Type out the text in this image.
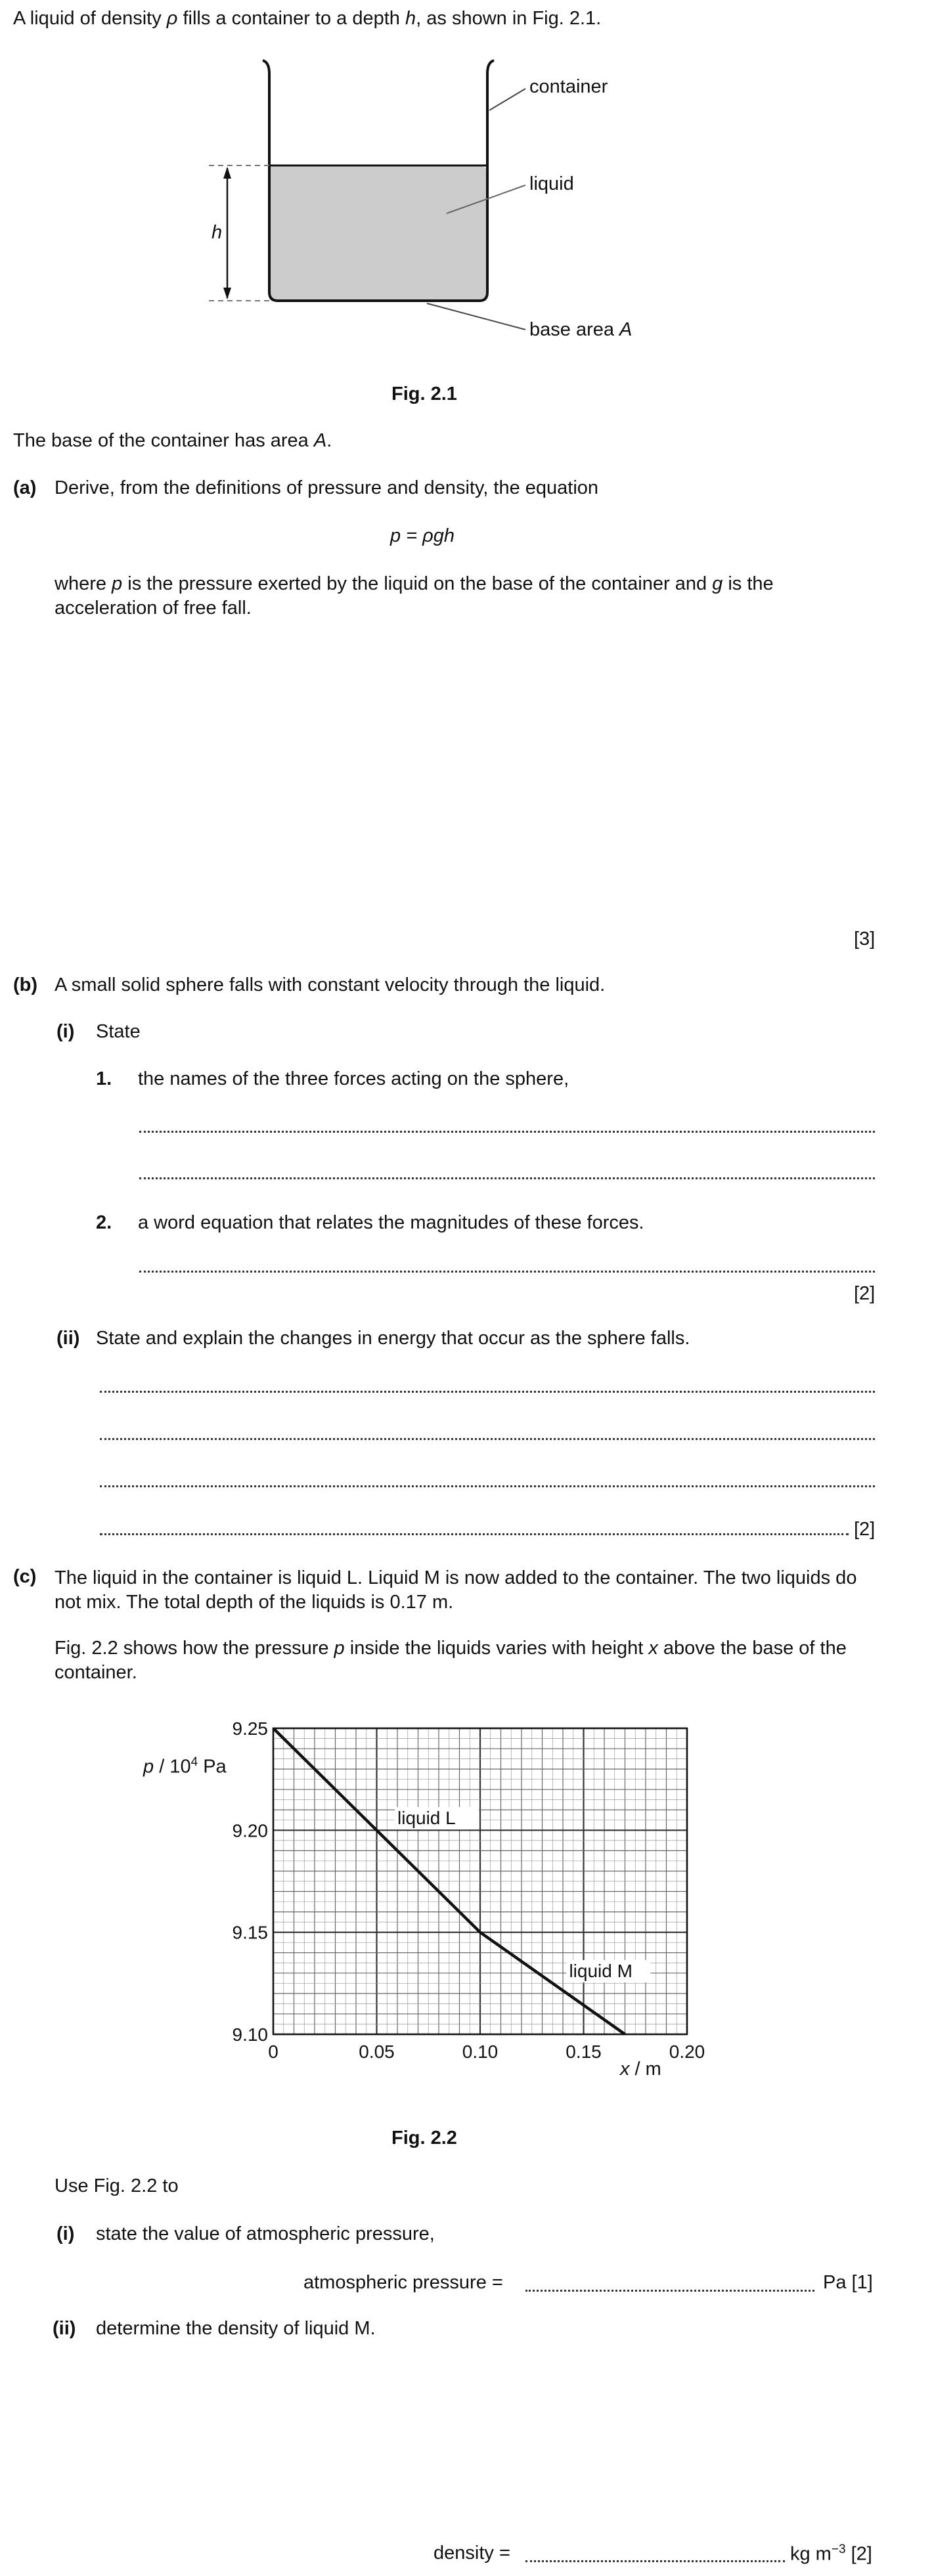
A liquid of density ρ fills a container to a depth h, as shown in Fig. 2.1.
container
liquid
base area A
h
Fig. 2.1
The base of the container has area A.
(a) Derive, from the definitions of pressure and density, the equation
p = ρgh
where p is the pressure exerted by the liquid on the base of the container and g is the acceleration of free fall.
[3]
(b) A small solid sphere falls with constant velocity through the liquid.
(i) State
1. the names of the three forces acting on the sphere,
2. a word equation that relates the magnitudes of these forces.
[2]
(ii) State and explain the changes in energy that occur as the sphere falls.
[2]
(c) The liquid in the container is liquid L. Liquid M is now added to the container. The two liquids do not mix. The total depth of the liquids is 0.17 m.
Fig. 2.2 shows how the pressure p inside the liquids varies with height x above the base of the container.
liquid L
liquid M
0	0.05	0.10	0.15	0.20
9.10
9.15
9.20
9.25
p / $10^4$ Pa
x / m
Fig. 2.2
Use Fig. 2.2 to
(i) state the value of atmospheric pressure,
atmospheric pressure =	Pa [1]
(ii) determine the density of liquid M.
density =	kg $m^{-3}$ [2]
